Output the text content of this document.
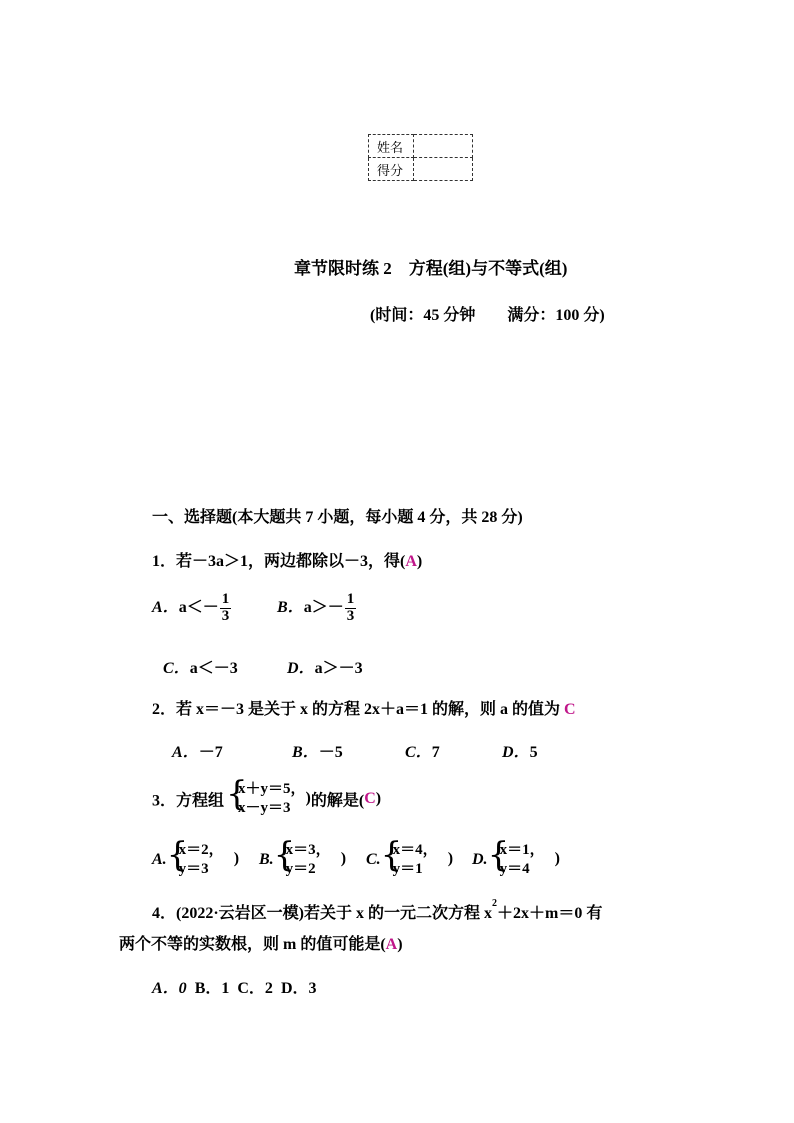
姓名	
得分	
章节限时练 2　方程(组)与不等式(组)
(时间：45 分钟　　满分：100 分)
一、选择题(本大题共 7 小题，每小题 4 分，共 28 分)
1．若－3a＞1，两边都除以－3，得(A)
A．$a<- \frac{1}{3}$	B．$a>- \frac{1}{3}$
C．a＜－3	D．a＞－3
2．若 x＝－3 是关于 x 的方程 2x＋a＝1 的解，则 a 的值为 C
A．－7	B．－5	C．7	D．5
3．方程组 {
x＋y＝5，
x－y＝3
)的解是(C)
A. {
x＝2，
y＝3
) B. {
x＝3，
y＝2
) C. {
x＝4，
y＝1
) D. {
x＝1，
y＝4
)
4．(2022·云岩区一模)若关于 x 的一元二次方程 $x^2+2x+m=0$ 有
两个不等的实数根，则 m 的值可能是(A)
A．0 B．1 C．2 D．3
